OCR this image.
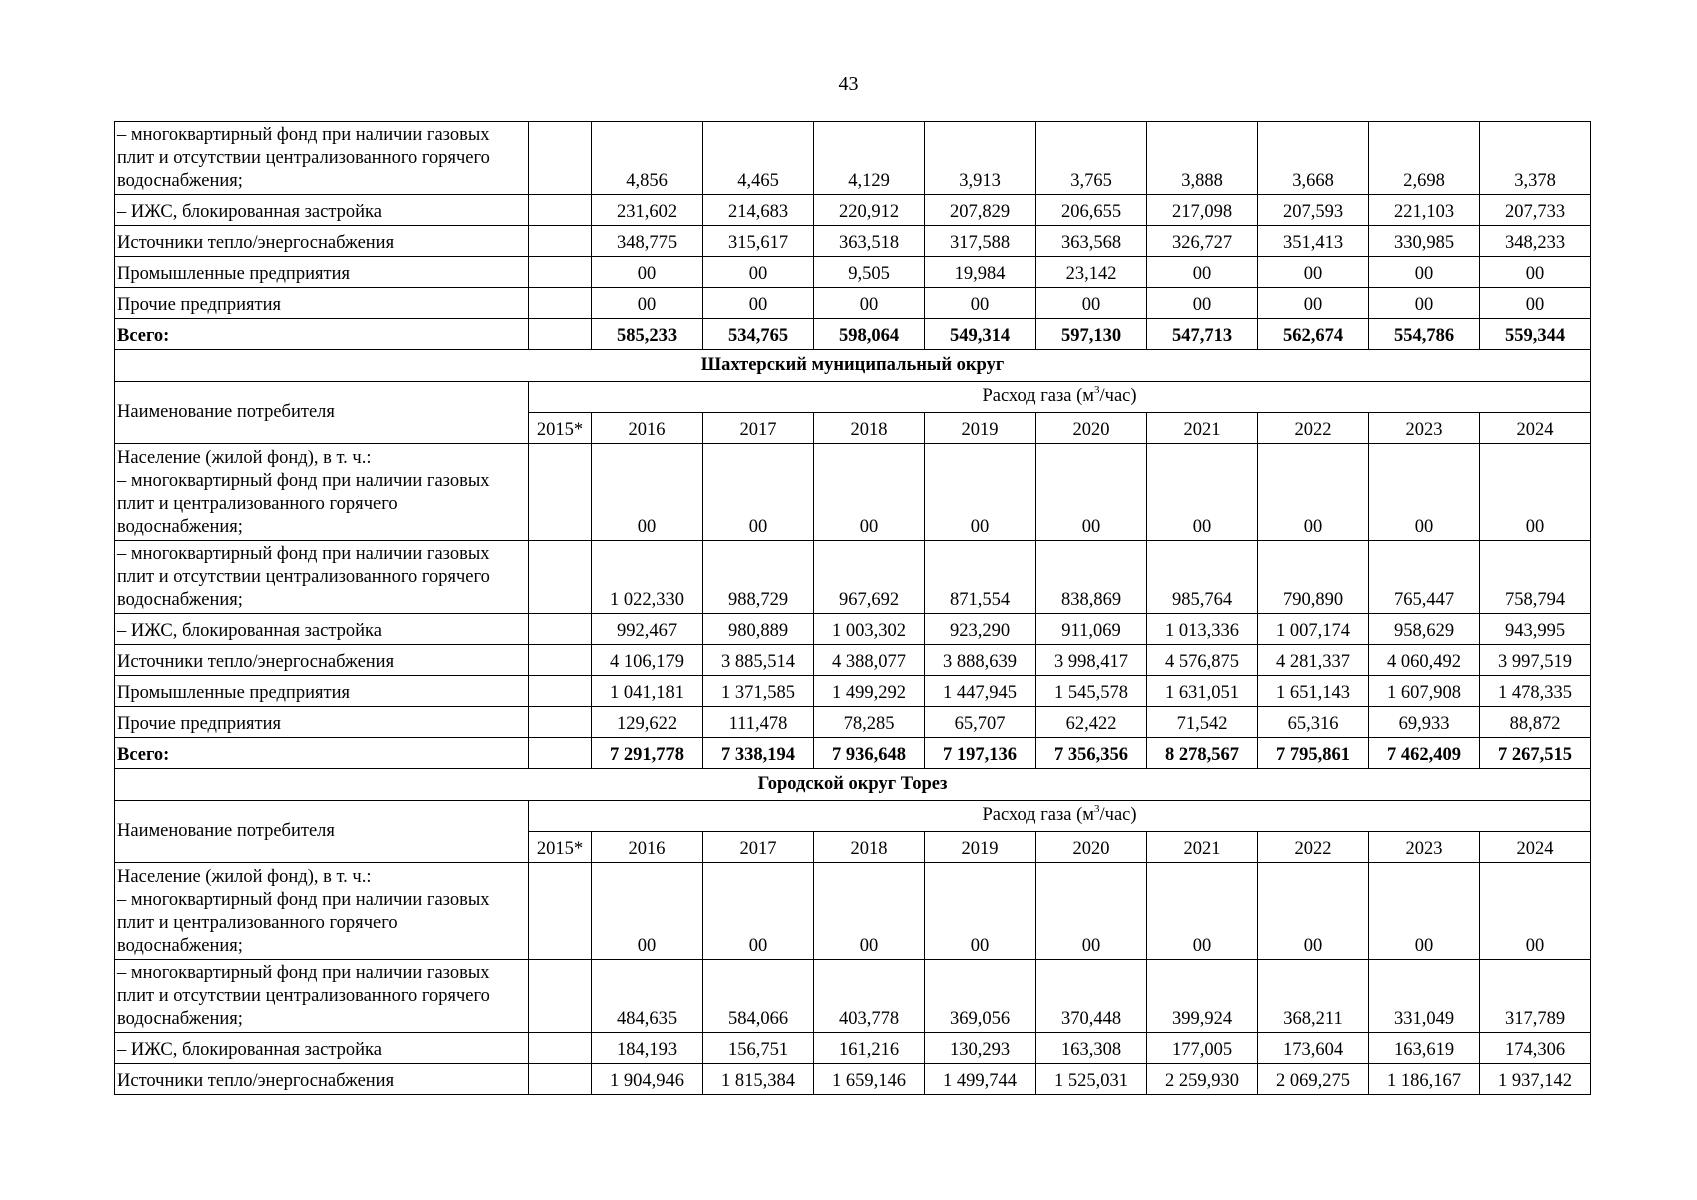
43
– многоквартирный фонд при наличии газовых
плит и отсутствии централизованного горячего
водоснабжения;		4,856	4,465	4,129	3,913	3,765	3,888	3,668	2,698	3,378
– ИЖС, блокированная застройка		231,602	214,683	220,912	207,829	206,655	217,098	207,593	221,103	207,733
Источники тепло/энергоснабжения		348,775	315,617	363,518	317,588	363,568	326,727	351,413	330,985	348,233
Промышленные предприятия		00	00	9,505	19,984	23,142	00	00	00	00
Прочие предприятия		00	00	00	00	00	00	00	00	00
Всего:		585,233	534,765	598,064	549,314	597,130	547,713	562,674	554,786	559,344
Шахтерский муниципальный округ										
Наименование потребителя	Расход газа $(м^3/час)$									
	2015*	2016	2017	2018	2019	2020	2021	2022	2023	2024
Население (жилой фонд), в т. ч.:
– многоквартирный фонд при наличии газовых
плит и централизованного горячего
водоснабжения;		00	00	00	00	00	00	00	00	00
– многоквартирный фонд при наличии газовых
плит и отсутствии централизованного горячего
водоснабжения;		1 022,330	988,729	967,692	871,554	838,869	985,764	790,890	765,447	758,794
– ИЖС, блокированная застройка		992,467	980,889	1 003,302	923,290	911,069	1 013,336	1 007,174	958,629	943,995
Источники тепло/энергоснабжения		4 106,179	3 885,514	4 388,077	3 888,639	3 998,417	4 576,875	4 281,337	4 060,492	3 997,519
Промышленные предприятия		1 041,181	1 371,585	1 499,292	1 447,945	1 545,578	1 631,051	1 651,143	1 607,908	1 478,335
Прочие предприятия		129,622	111,478	78,285	65,707	62,422	71,542	65,316	69,933	88,872
Всего:		7 291,778	7 338,194	7 936,648	7 197,136	7 356,356	8 278,567	7 795,861	7 462,409	7 267,515
Городской округ Торез										
Наименование потребителя	Расход газа $(м^3/час)$									
	2015*	2016	2017	2018	2019	2020	2021	2022	2023	2024
Население (жилой фонд), в т. ч.:
– многоквартирный фонд при наличии газовых
плит и централизованного горячего
водоснабжения;		00	00	00	00	00	00	00	00	00
– многоквартирный фонд при наличии газовых
плит и отсутствии централизованного горячего
водоснабжения;		484,635	584,066	403,778	369,056	370,448	399,924	368,211	331,049	317,789
– ИЖС, блокированная застройка		184,193	156,751	161,216	130,293	163,308	177,005	173,604	163,619	174,306
Источники тепло/энергоснабжения		1 904,946	1 815,384	1 659,146	1 499,744	1 525,031	2 259,930	2 069,275	1 186,167	1 937,142
